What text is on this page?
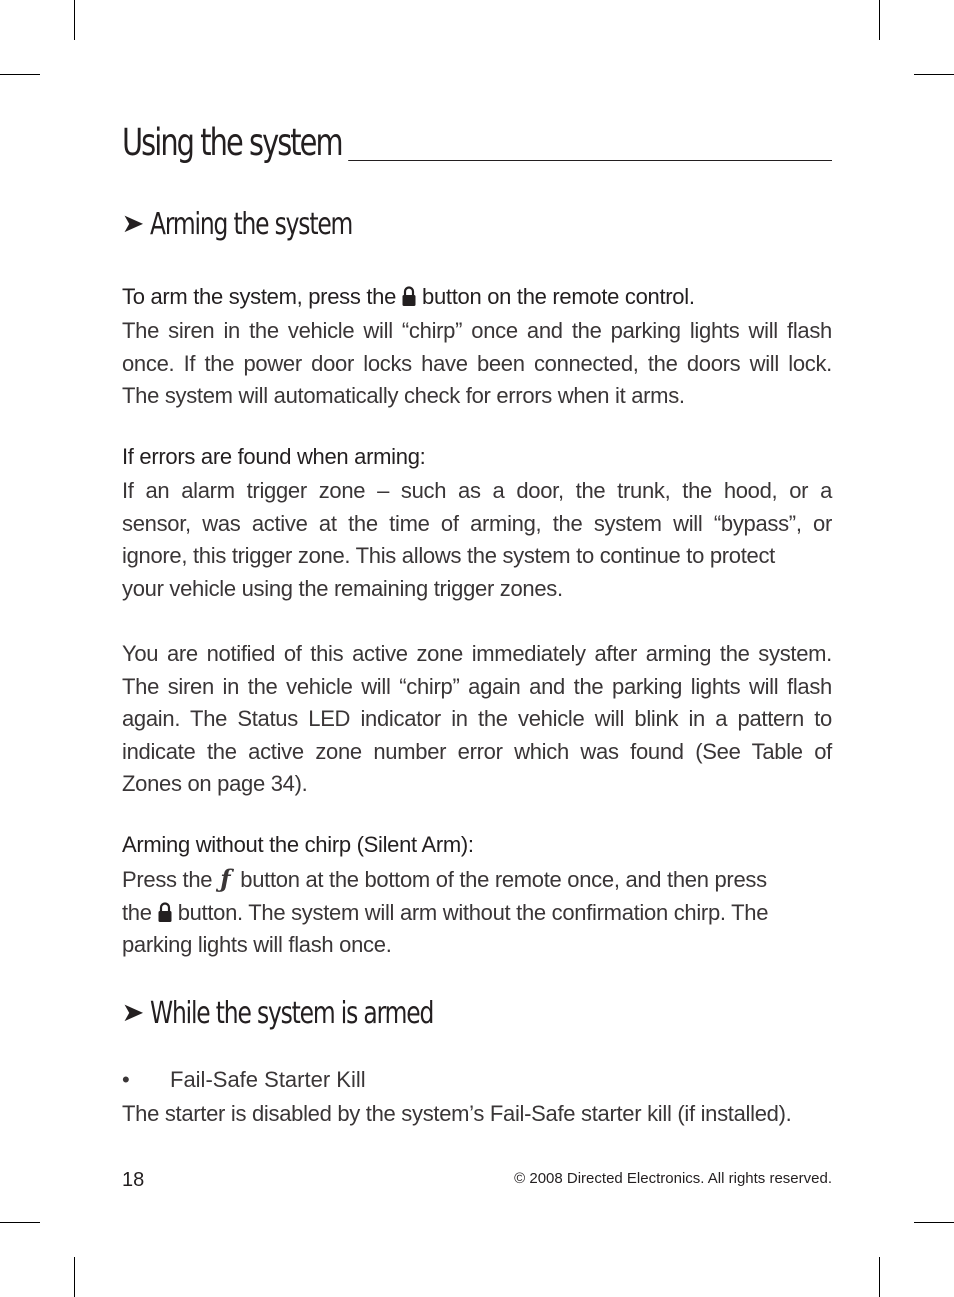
Using the system
➤ Arming the system
To arm the system, press the button on the remote control.
The siren in the vehicle will “chirp” once and the parking lights will flash once. If the power door locks have been connected, the doors will lock. The system will automatically check for errors when it arms.
If errors are found when arming:
If an alarm trigger zone – such as a door, the trunk, the hood, or a
sensor, was active at the time of arming, the system will “bypass”, or
ignore, this trigger zone. This allows the system to continue to protect
your vehicle using the remaining trigger zones.
You are notified of this active zone immediately after arming the system. The siren in the vehicle will “chirp” again and the parking lights will flash again. The Status LED indicator in the vehicle will blink in a pattern to indicate the active zone number error which was found (See Table of Zones on page 34).
Arming without the chirp (Silent Arm):
Press the ƒ button at the bottom of the remote once, and then press
the button. The system will arm without the confirmation chirp. The
parking lights will flash once.
➤ While the system is armed
• Fail-Safe Starter Kill
The starter is disabled by the system’s Fail-Safe starter kill (if installed).
18	© 2008 Directed Electronics. All rights reserved.
